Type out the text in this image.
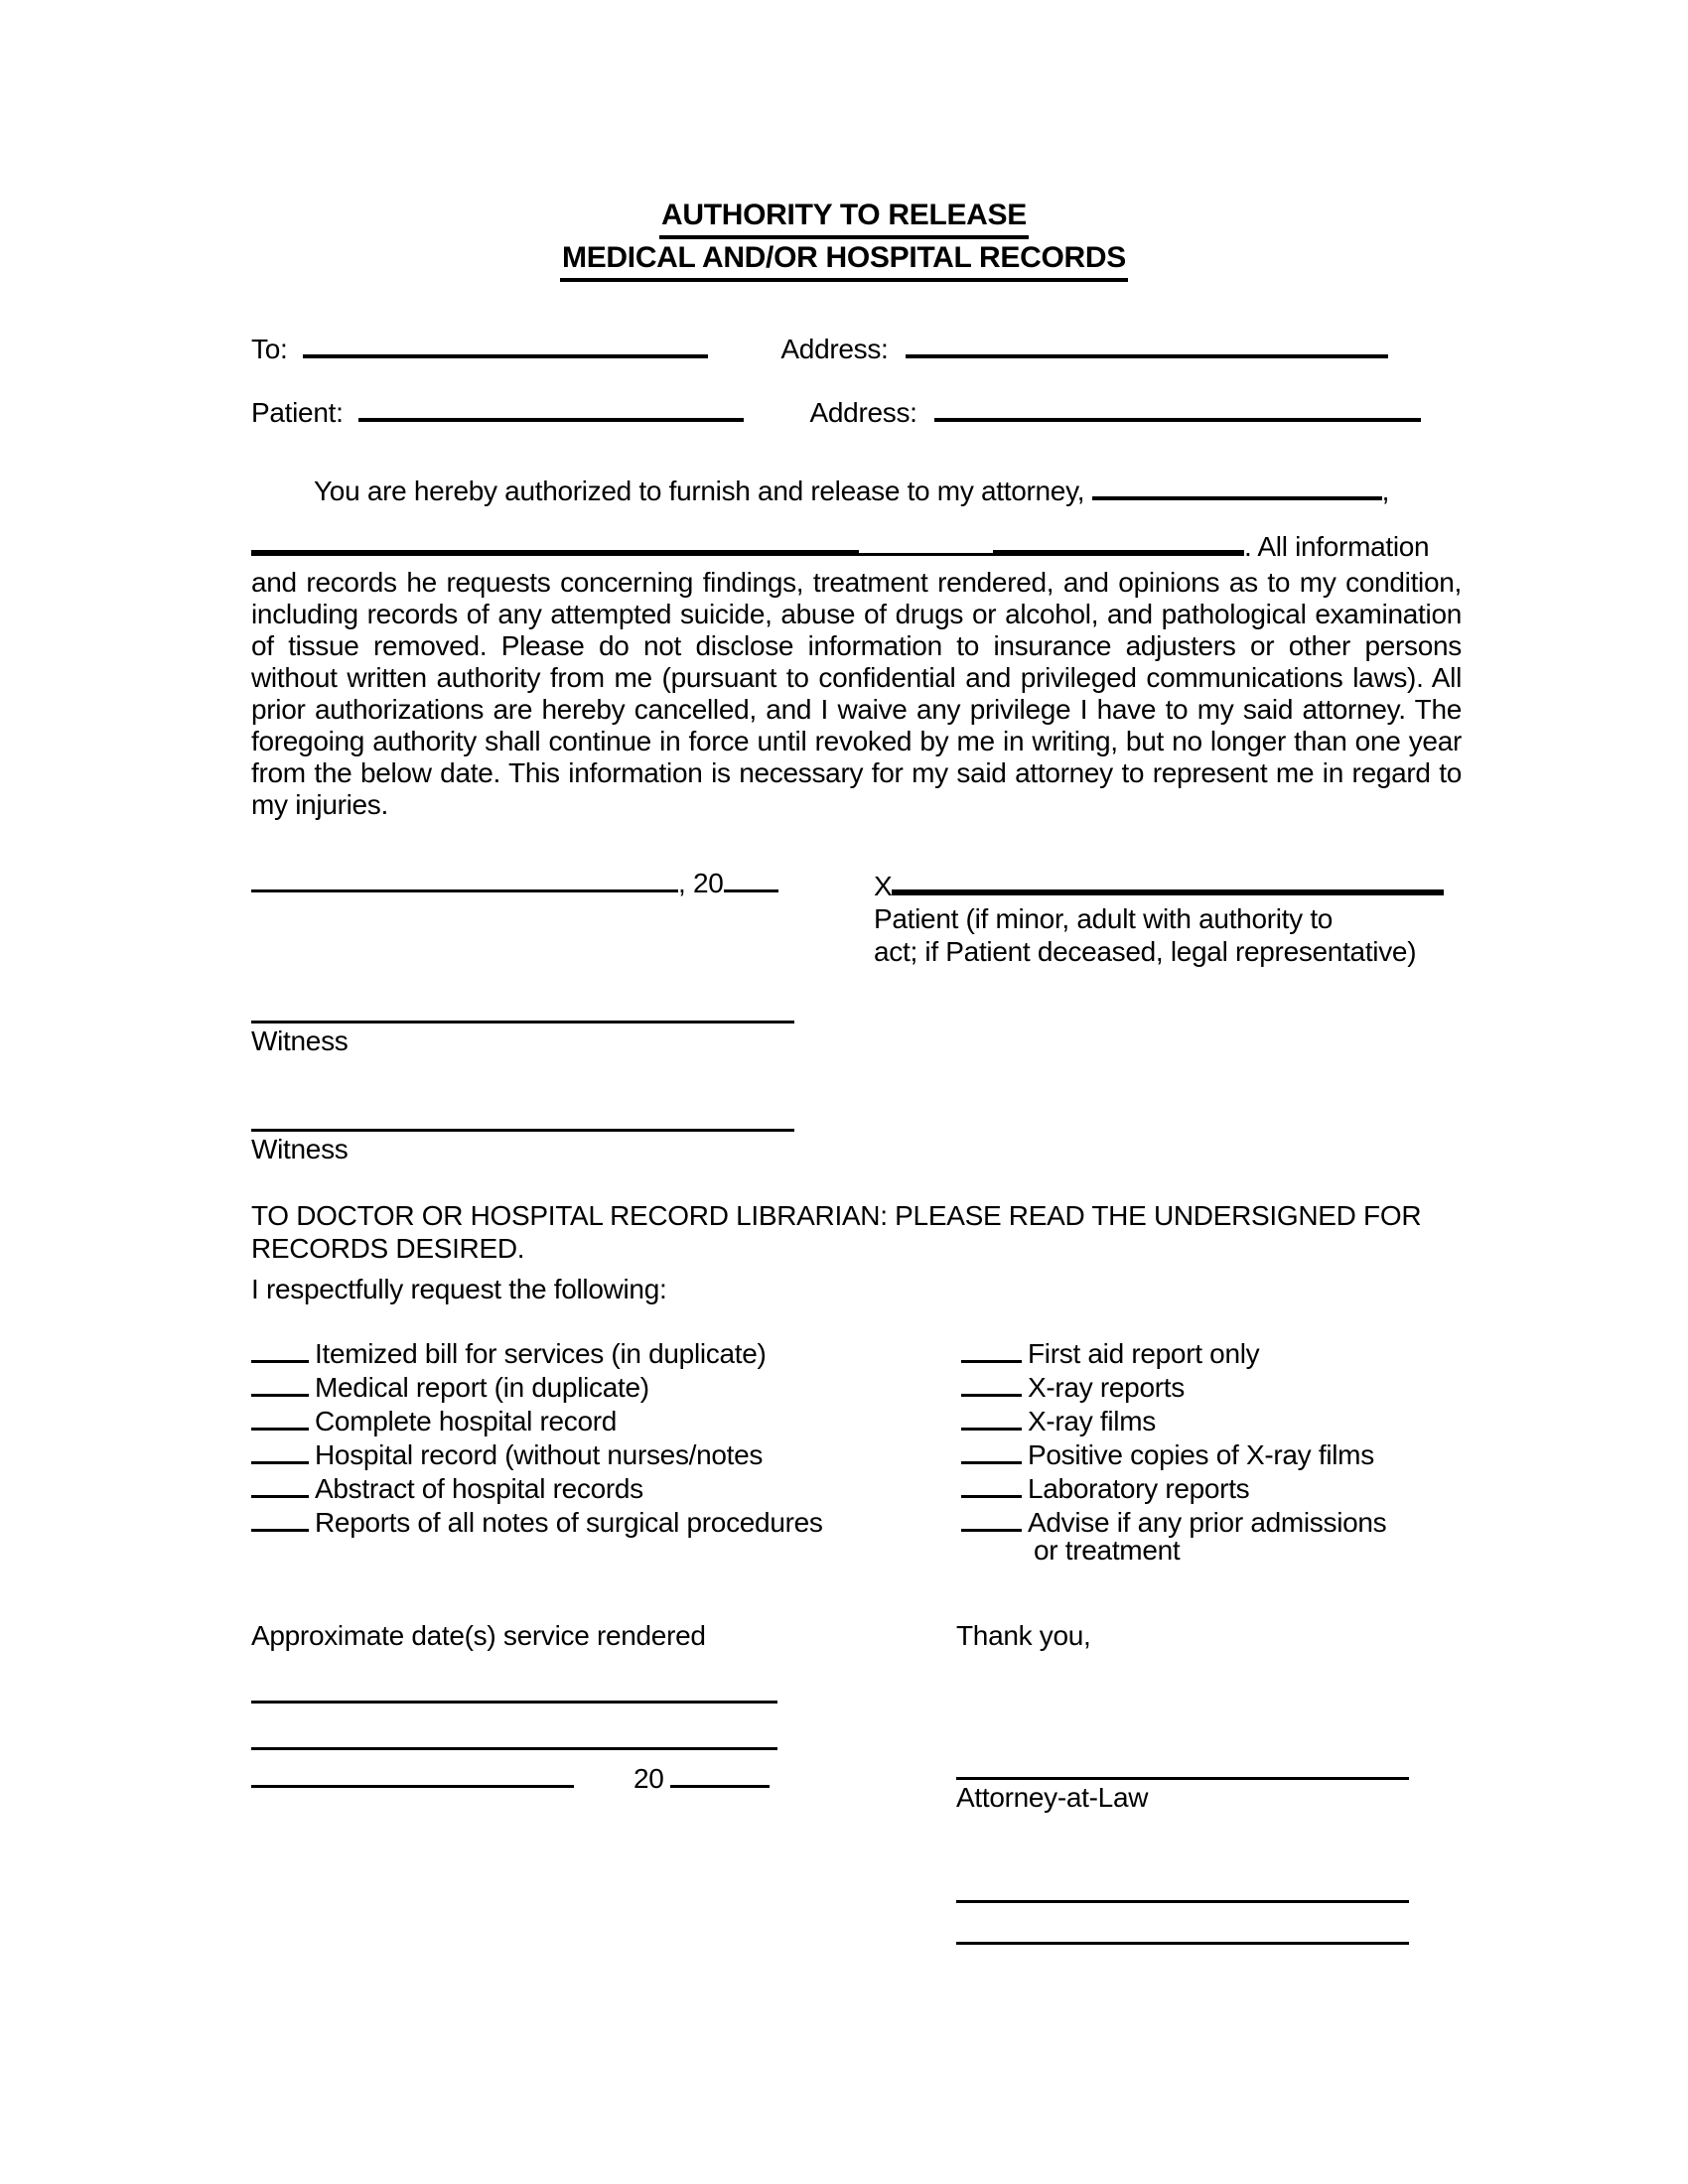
AUTHORITY TO RELEASE
MEDICAL AND/OR HOSPITAL RECORDS
To:	Address:
Patient:	Address:
You are hereby authorized to furnish and release to my attorney,	,
. All information
and records he requests concerning findings, treatment rendered, and opinions as to my condition, including records of any attempted suicide, abuse of drugs or alcohol, and pathological examination of tissue removed. Please do not disclose information to insurance adjusters or other persons without written authority from me (pursuant to confidential and privileged communications laws). All prior authorizations are hereby cancelled, and I waive any privilege I have to my said attorney. The foregoing authority shall continue in force until revoked by me in writing, but no longer than one year from the below date. This information is necessary for my said attorney to represent me in regard to my injuries.
, 20	X
Patient (if minor, adult with authority to
act; if Patient deceased, legal representative)
Witness
Witness
TO DOCTOR OR HOSPITAL RECORD LIBRARIAN: PLEASE READ THE UNDERSIGNED FOR
RECORDS DESIRED.
I respectfully request the following:
Itemized bill for services (in duplicate)
Medical report (in duplicate)
Complete hospital record
Hospital record (without nurses/notes
Abstract of hospital records
Reports of all notes of surgical procedures
First aid report only
X-ray reports
X-ray films
Positive copies of X-ray films
Laboratory reports
Advise if any prior admissions
or treatment
Approximate date(s) service rendered	Thank you,
20
Attorney-at-Law
